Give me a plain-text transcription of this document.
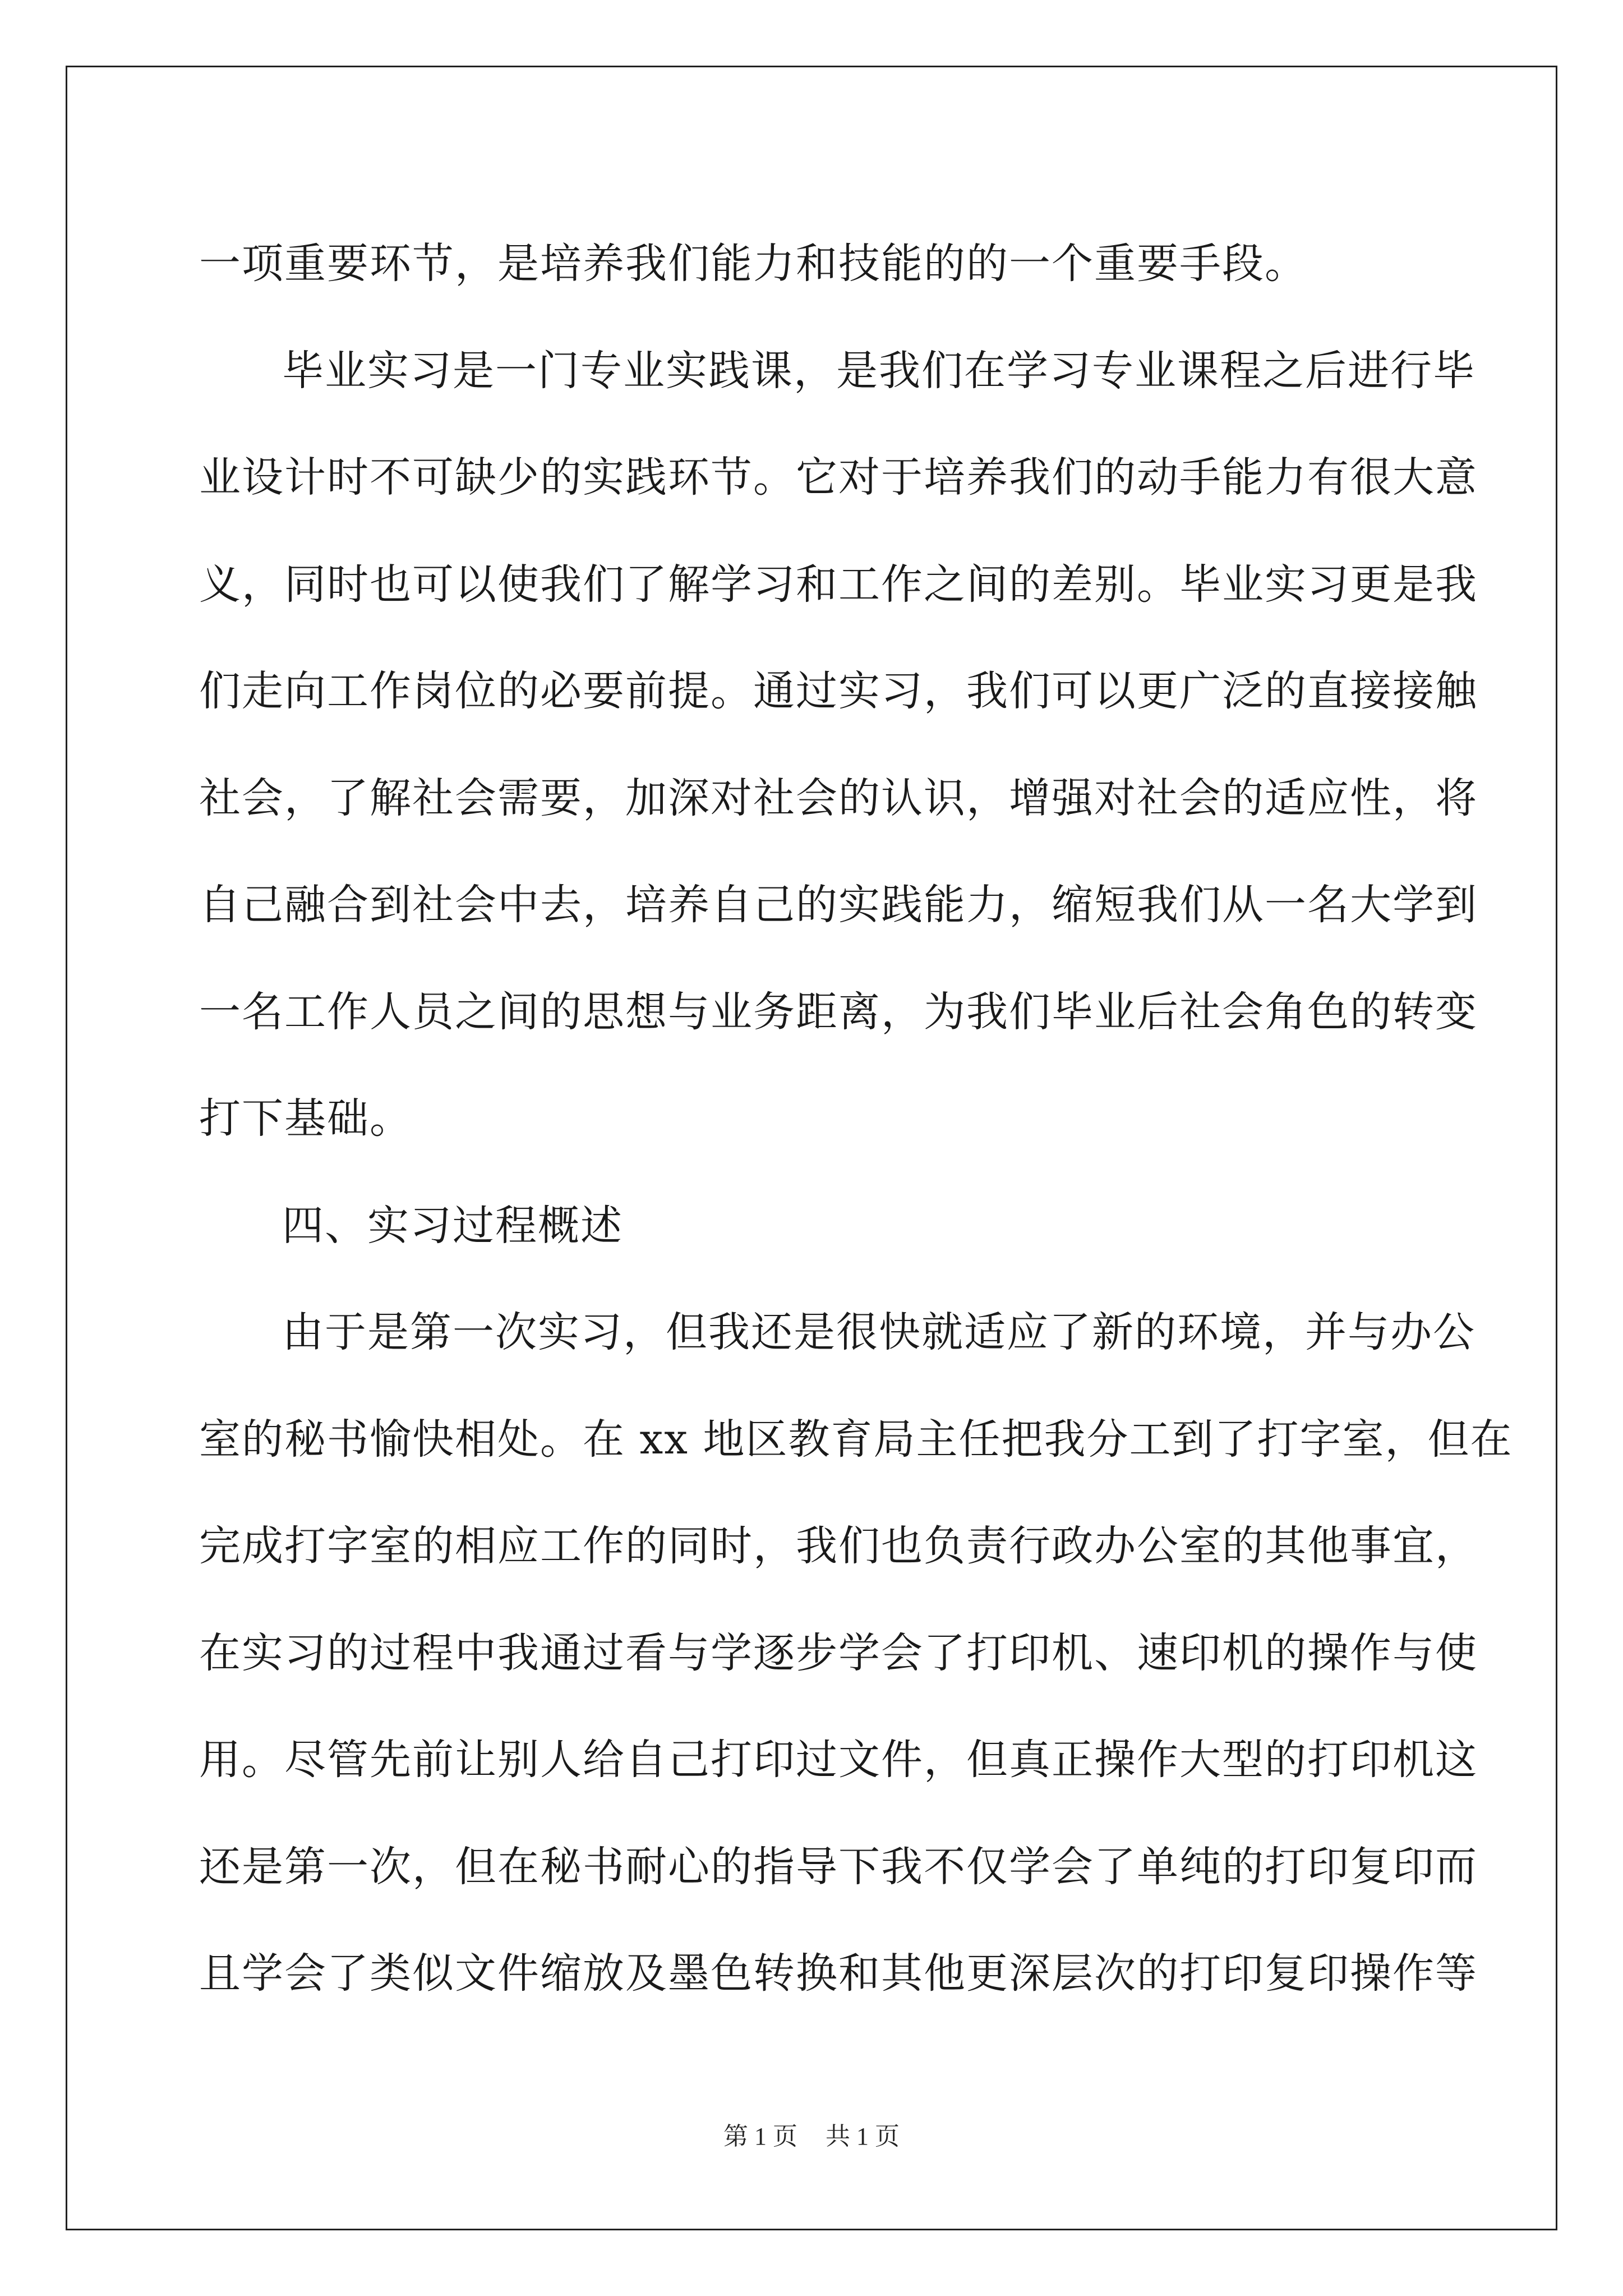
一项重要环节，是培养我们能力和技能的的一个重要手段。
毕业实习是一门专业实践课，是我们在学习专业课程之后进行毕
业设计时不可缺少的实践环节。它对于培养我们的动手能力有很大意
义，同时也可以使我们了解学习和工作之间的差别。毕业实习更是我
们走向工作岗位的必要前提。通过实习，我们可以更广泛的直接接触
社会，了解社会需要，加深对社会的认识，增强对社会的适应性，将
自己融合到社会中去，培养自己的实践能力，缩短我们从一名大学到
一名工作人员之间的思想与业务距离，为我们毕业后社会角色的转变
打下基础。
四、实习过程概述
由于是第一次实习，但我还是很快就适应了新的环境，并与办公
室的秘书愉快相处。在 xx 地区教育局主任把我分工到了打字室，但在
完成打字室的相应工作的同时，我们也负责行政办公室的其他事宜，
在实习的过程中我通过看与学逐步学会了打印机、速印机的操作与使
用。尽管先前让别人给自己打印过文件，但真正操作大型的打印机这
还是第一次，但在秘书耐心的指导下我不仅学会了单纯的打印复印而
且学会了类似文件缩放及墨色转换和其他更深层次的打印复印操作等
第 1 页 共 1 页
